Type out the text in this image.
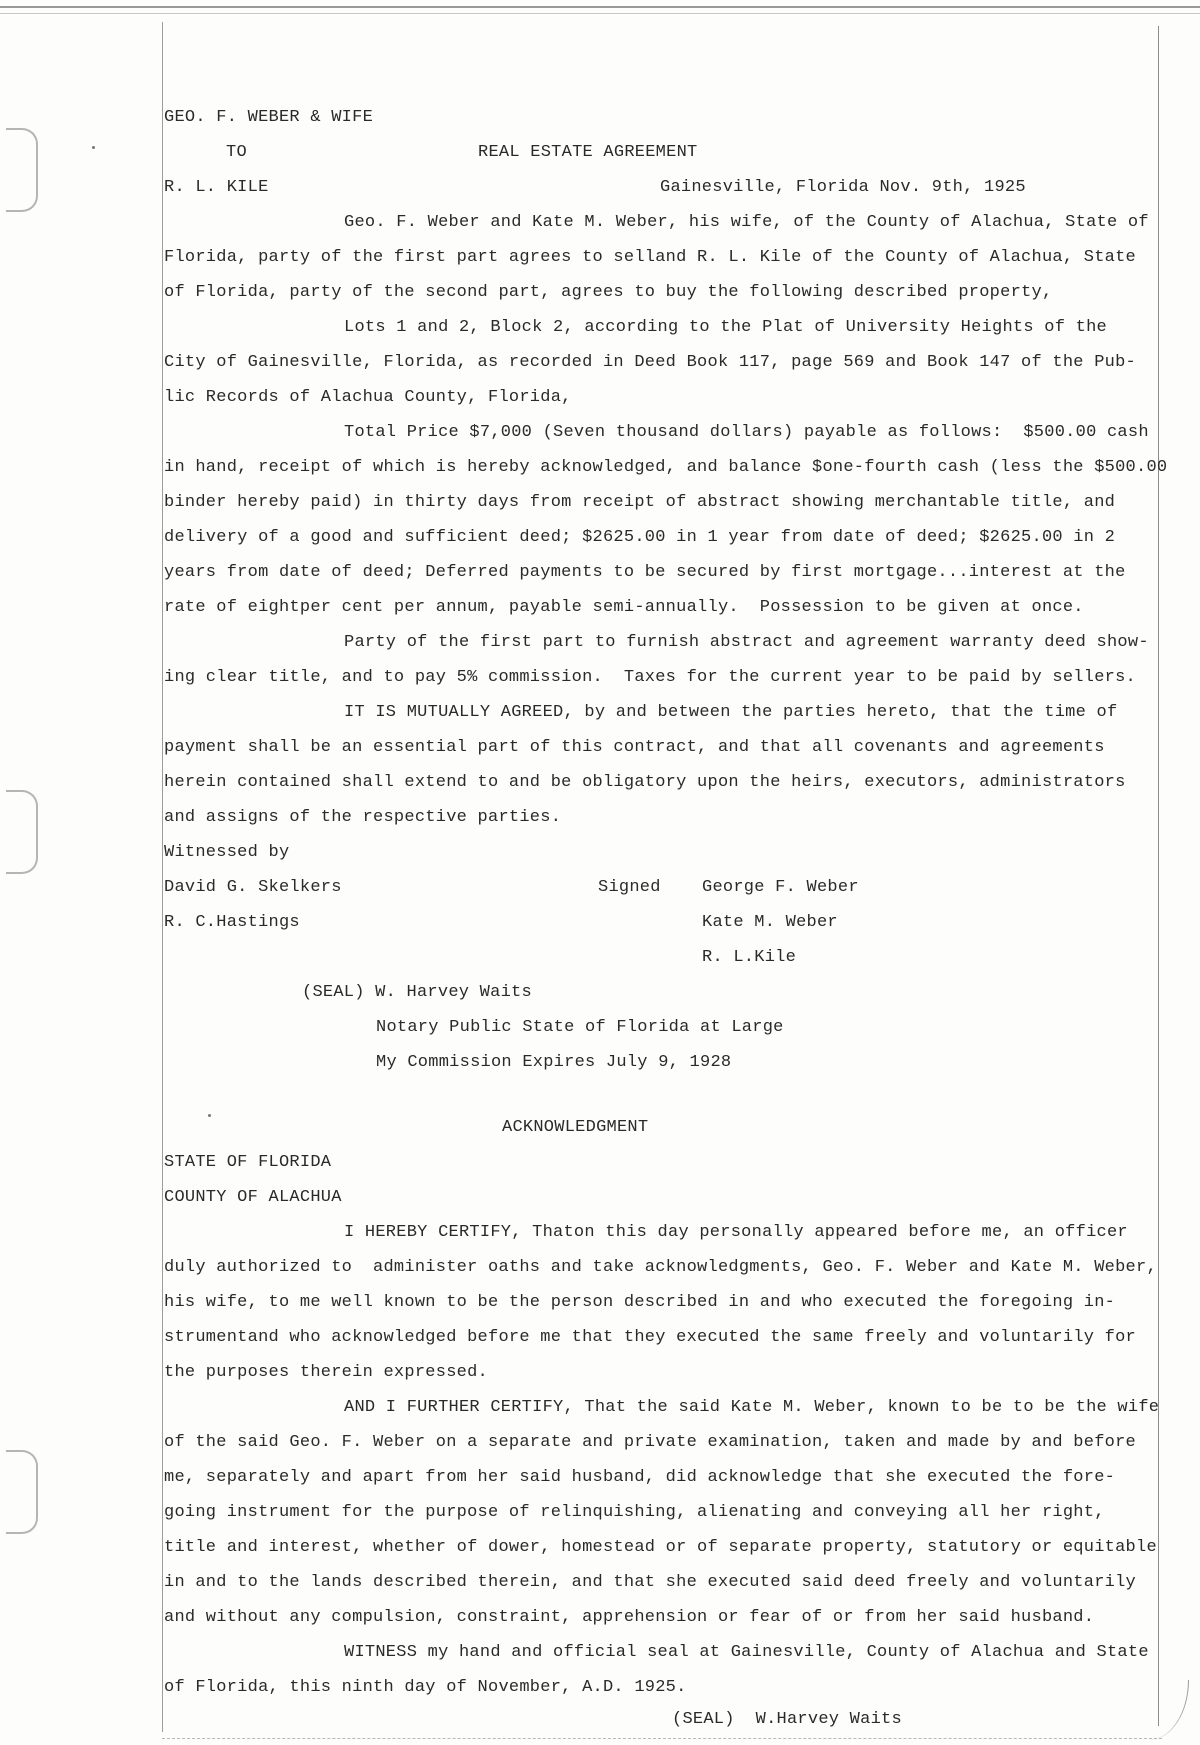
GEO. F. WEBER & WIFE
TO	REAL ESTATE AGREEMENT
R. L. KILE	Gainesville, Florida Nov. 9th, 1925
Geo. F. Weber and Kate M. Weber, his wife, of the County of Alachua, State of
Florida, party of the first part agrees to selland R. L. Kile of the County of Alachua, State
of Florida, party of the second part, agrees to buy the following described property,
Lots 1 and 2, Block 2, according to the Plat of University Heights of the
City of Gainesville, Florida, as recorded in Deed Book 117, page 569 and Book 147 of the Pub-
lic Records of Alachua County, Florida,
Total Price $7,000 (Seven thousand dollars) payable as follows:  $500.00 cash
in hand, receipt of which is hereby acknowledged, and balance $one-fourth cash (less the $500.00
binder hereby paid) in thirty days from receipt of abstract showing merchantable title, and
delivery of a good and sufficient deed; $2625.00 in 1 year from date of deed; $2625.00 in 2
years from date of deed; Deferred payments to be secured by first mortgage...interest at the
rate of eightper cent per annum, payable semi-annually.  Possession to be given at once.
Party of the first part to furnish abstract and agreement warranty deed show-
ing clear title, and to pay 5% commission.  Taxes for the current year to be paid by sellers.
IT IS MUTUALLY AGREED, by and between the parties hereto, that the time of
payment shall be an essential part of this contract, and that all covenants and agreements
herein contained shall extend to and be obligatory upon the heirs, executors, administrators
and assigns of the respective parties.
Witnessed by
David G. Skelkers	Signed George F. Weber
R. C.Hastings	Kate M. Weber
R. L.Kile
(SEAL) W. Harvey Waits
Notary Public State of Florida at Large
My Commission Expires July 9, 1928
ACKNOWLEDGMENT
STATE OF FLORIDA
COUNTY OF ALACHUA
I HEREBY CERTIFY, Thaton this day personally appeared before me, an officer
duly authorized to  administer oaths and take acknowledgments, Geo. F. Weber and Kate M. Weber,
his wife, to me well known to be the person described in and who executed the foregoing in-
strumentand who acknowledged before me that they executed the same freely and voluntarily for
the purposes therein expressed.
AND I FURTHER CERTIFY, That the said Kate M. Weber, known to be to be the wife
of the said Geo. F. Weber on a separate and private examination, taken and made by and before
me, separately and apart from her said husband, did acknowledge that she executed the fore-
going instrument for the purpose of relinquishing, alienating and conveying all her right,
title and interest, whether of dower, homestead or of separate property, statutory or equitable
in and to the lands described therein, and that she executed said deed freely and voluntarily
and without any compulsion, constraint, apprehension or fear of or from her said husband.
WITNESS my hand and official seal at Gainesville, County of Alachua and State
of Florida, this ninth day of November, A.D. 1925.
(SEAL)  W.Harvey Waits
